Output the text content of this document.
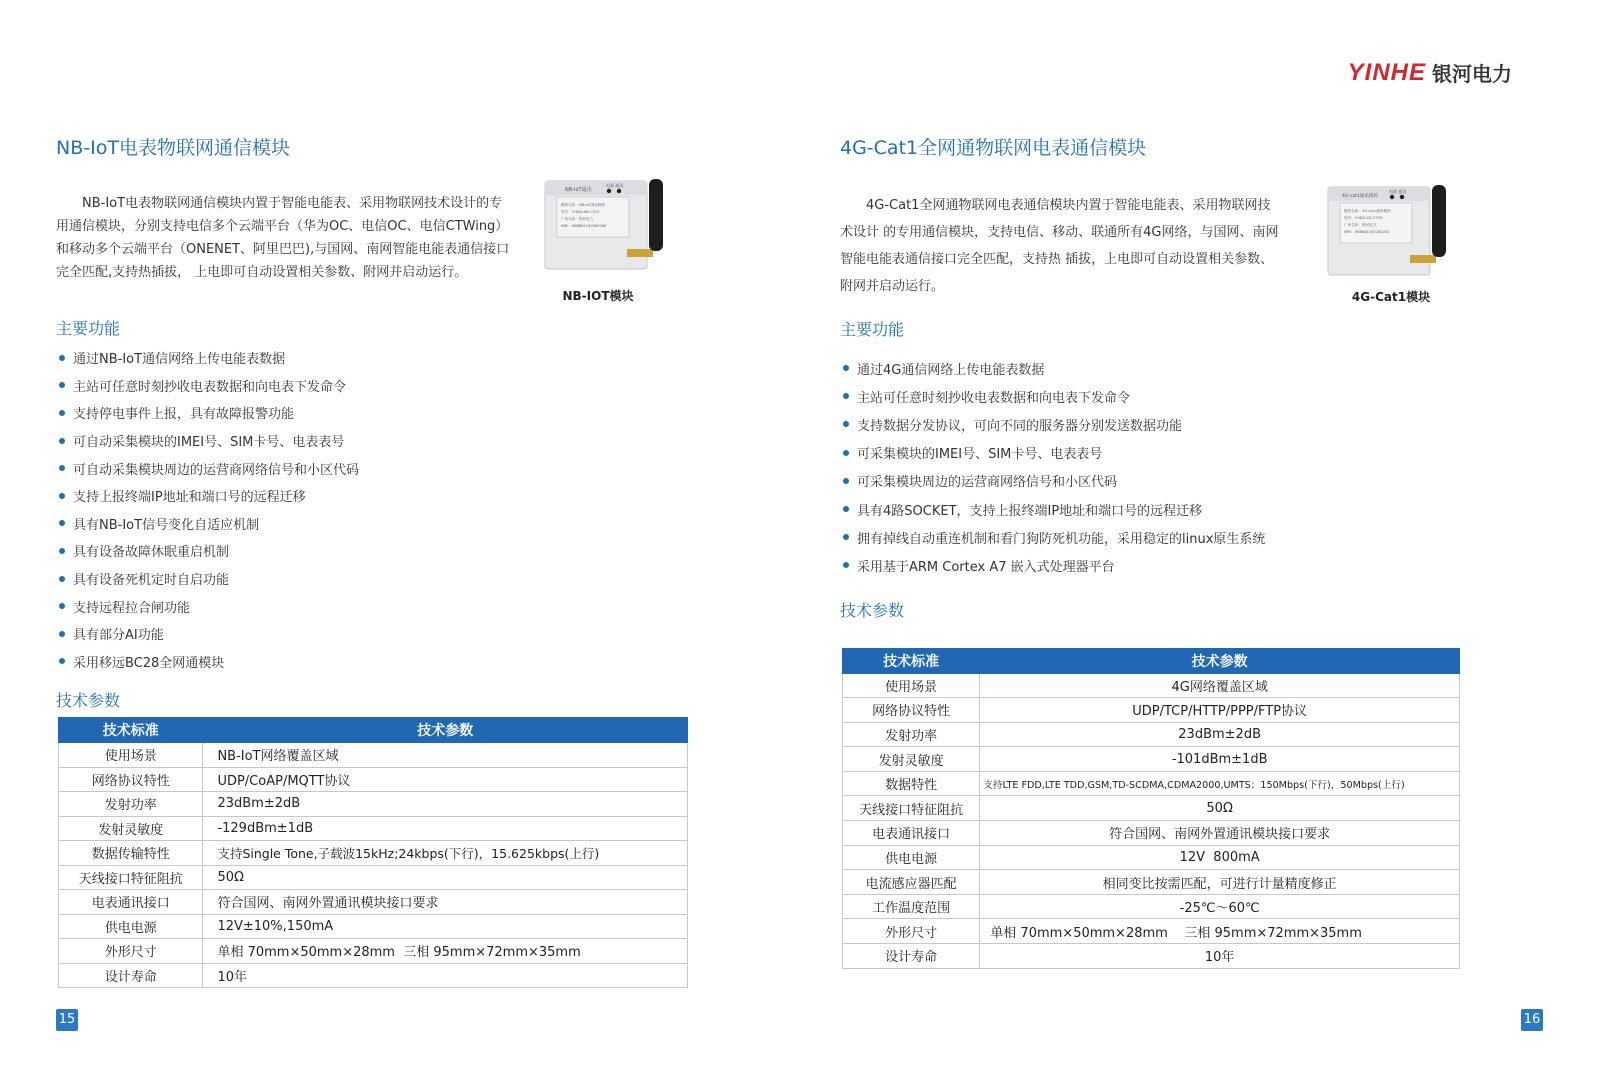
YINHE 银河电力
NB-IoT电表物联网通信模块

NB-IoT电表物联网通信模块内置于智能电能表、采用物联网技术设计的专 用通信模块，分别支持电信多个云端平台（华为OC、电信OC、电信CTWing）和移动多个云端平台（ONENET、阿里巴巴),与国网、南网智能电能表通信接口完全匹配,支持热插拔， 上电即可自动设置相关参数、附网并启动运行。

NB-IoT通讯
电源 通讯
模块名称：NB-IoT通讯模块
型号：YHDD-NB-CTOC
厂家名称：银河电力
IMEI：868861040280282
NB-IOT模块
主要功能
通过NB-IoT通信网络上传电能表数据
主站可任意时刻抄收电表数据和向电表下发命令
支持停电事件上报，具有故障报警功能
可自动采集模块的IMEI号、SIM卡号、电表表号
可自动采集模块周边的运营商网络信号和小区代码
支持上报终端IP地址和端口号的远程迁移
具有NB-IoT信号变化自适应机制
具有设备故障休眠重启机制
具有设备死机定时自启功能
支持远程拉合闸功能
具有部分AI功能
采用移远BC28全网通模块
技术参数
技术标准	技术参数
使用场景	NB-IoT网络覆盖区域
网络协议特性	UDP/CoAP/MQTT协议
发射功率	23dBm±2dB
发射灵敏度	-129dBm±1dB
数据传输特性	支持Single Tone,子载波15kHz;24kbps(下行)，15.625kbps(上行)
天线接口特征阻抗	50Ω
电表通讯接口	符合国网、南网外置通讯模块接口要求
供电电源	12V±10%,150mA
外形尺寸	单相 70mm×50mm×28mm  三相 95mm×72mm×35mm
设计寿命	10年
15
4G-Cat1全网通物联网电表通信模块

4G-Cat1全网通物联网电表通信模块内置于智能电能表、采用物联网技术设计 的专用通信模块，支持电信、移动、联通所有4G网络，与国网、南网智能电能表通信接口完全匹配，支持热 插拔，上电即可自动设置相关参数、附网并启动运行。

4G-cat1通讯模块
电源 通讯
模块名称：4G-cat1通讯模块
型号：YHDD-4G-CTOC
厂家名称：银河电力
IMEI：868861040280282
4G-Cat1模块
主要功能
通过4G通信网络上传电能表数据
主站可任意时刻抄收电表数据和向电表下发命令
支持数据分发协议，可向不同的服务器分别发送数据功能
可采集模块的IMEI号、SIM卡号、电表表号
可采集模块周边的运营商网络信号和小区代码
具有4路SOCKET，支持上报终端IP地址和端口号的远程迁移
拥有掉线自动重连机制和看门狗防死机功能，采用稳定的linux原生系统
采用基于ARM Cortex A7 嵌入式处理器平台
技术参数
技术标准	技术参数
使用场景	4G网络覆盖区域
网络协议特性	UDP/TCP/HTTP/PPP/FTP协议
发射功率	23dBm±2dB
发射灵敏度	-101dBm±1dB
数据特性	支持LTE FDD,LTE TDD,GSM,TD-SCDMA,CDMA2000,UMTS；150Mbps(下行)，50Mbps(上行)
天线接口特征阻抗	50Ω
电表通讯接口	符合国网、南网外置通讯模块接口要求
供电电源	12V  800mA
电流感应器匹配	相同变比按需匹配，可进行计量精度修正
工作温度范围	-25℃～60℃
外形尺寸	单相 70mm×50mm×28mm    三相 95mm×72mm×35mm
设计寿命	10年
16
